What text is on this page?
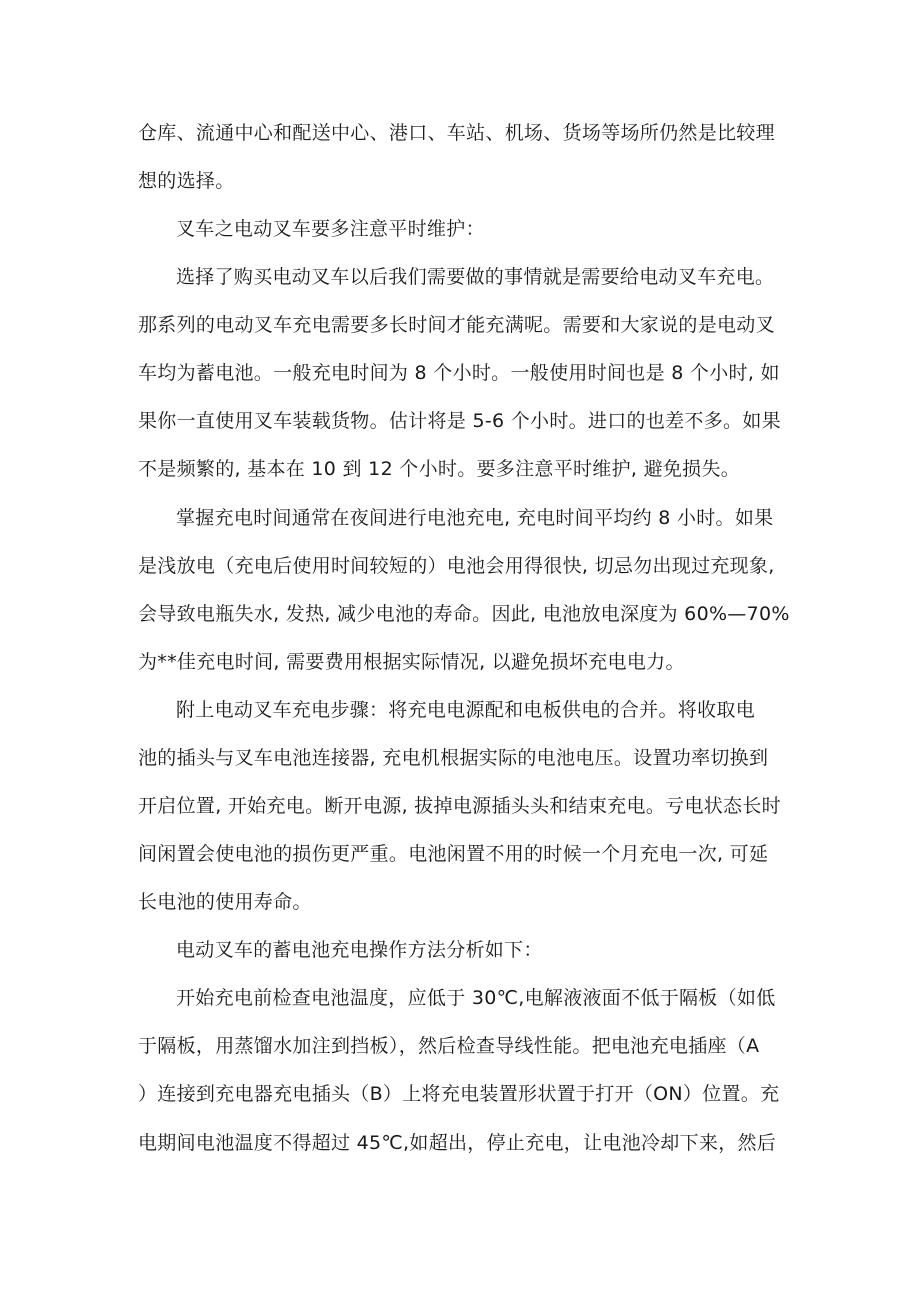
仓库、流通中心和配送中心、港口、车站、机场、货场等场所仍然是比较理

想的选择。

叉车之电动叉车要多注意平时维护：

选择了购买电动叉车以后我们需要做的事情就是需要给电动叉车充电。

那系列的电动叉车充电需要多长时间才能充满呢。需要和大家说的是电动叉

车均为蓄电池。一般充电时间为 8 个小时。一般使用时间也是 8 个小时, 如

果你一直使用叉车装载货物。估计将是 5-6 个小时。进口的也差不多。如果

不是频繁的, 基本在 10 到 12 个小时。要多注意平时维护, 避免损失。

掌握充电时间通常在夜间进行电池充电, 充电时间平均约 8 小时。如果

是浅放电（充电后使用时间较短的）电池会用得很快, 切忌勿出现过充现象,

会导致电瓶失水, 发热, 减少电池的寿命。因此, 电池放电深度为 60%—70%

为**佳充电时间, 需要费用根据实际情况, 以避免损坏充电电力。

附上电动叉车充电步骤：将充电电源配和电板供电的合并。将收取电

池的插头与叉车电池连接器, 充电机根据实际的电池电压。设置功率切换到

开启位置, 开始充电。断开电源, 拔掉电源插头头和结束充电。亏电状态长时

间闲置会使电池的损伤更严重。电池闲置不用的时候一个月充电一次, 可延

长电池的使用寿命。

电动叉车的蓄电池充电操作方法分析如下：

开始充电前检查电池温度，应低于 30℃,电解液液面不低于隔板（如低

于隔板，用蒸馏水加注到挡板），然后检查导线性能。把电池充电插座（A

）连接到充电器充电插头（B）上将充电装置形状置于打开（ON）位置。充

电期间电池温度不得超过 45℃,如超出，停止充电，让电池冷却下来，然后
